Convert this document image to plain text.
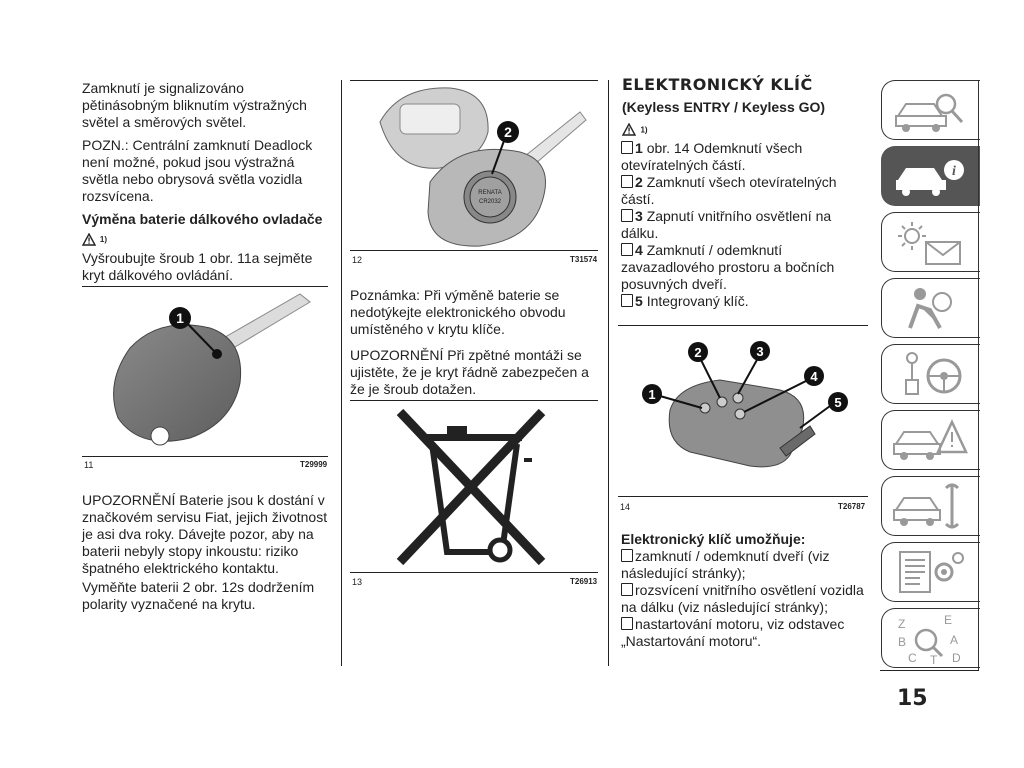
Zamknutí je signalizováno pětinásobným bliknutím výstražných světel a směrových světel.

POZN.: Centrální zamknutí Deadlock není možné, pokud jsou výstražná světla nebo obrysová světla vozidla rozsvícena.

Výměna baterie dálkového ovladače
1)

Vyšroubujte šroub 1 obr. 11a sejměte kryt dálkového ovládání.

1
11	T29999

UPOZORNĚNÍ Baterie jsou k dostání v značkovém servisu Fiat, jejich životnost je asi dva roky. Dávejte pozor, aby na baterii nebyly stopy inkoustu: riziko špatného elektrického kontaktu.

Vyměňte baterii 2 obr. 12s dodržením polarity vyznačené na krytu.

RENATA
CR2032
2
12	T31574

Poznámka: Při výměně baterie se nedotýkejte elektronického obvodu umístěného v krytu klíče.

UPOZORNĚNÍ Při zpětné montáži se ujistěte, že je kryt řádně zabezpečen a že je šroub dotažen.

13	T26913
ELEKTRONICKÝ KLÍČ
(Keyless ENTRY / Keyless GO)
1)
1 obr. 14 Odemknutí všech otevíratelných částí.
2 Zamknutí všech otevíratelných částí.
3 Zapnutí vnitřního osvětlení na dálku.
4 Zamknutí / odemknutí zavazadlového prostoru a bočních posuvných dveří.
5 Integrovaný klíč.
1
2	3
4
5
14	T26787
Elektronický klíč umožňuje:
zamknutí / odemknutí dveří (viz následující stránky);
rozsvícení vnitřního osvětlení vozidla na dálku (viz následující stránky);
nastartování motoru, viz odstavec „Nastartování motoru“.
i
Z	E
B	A
C T D
15
